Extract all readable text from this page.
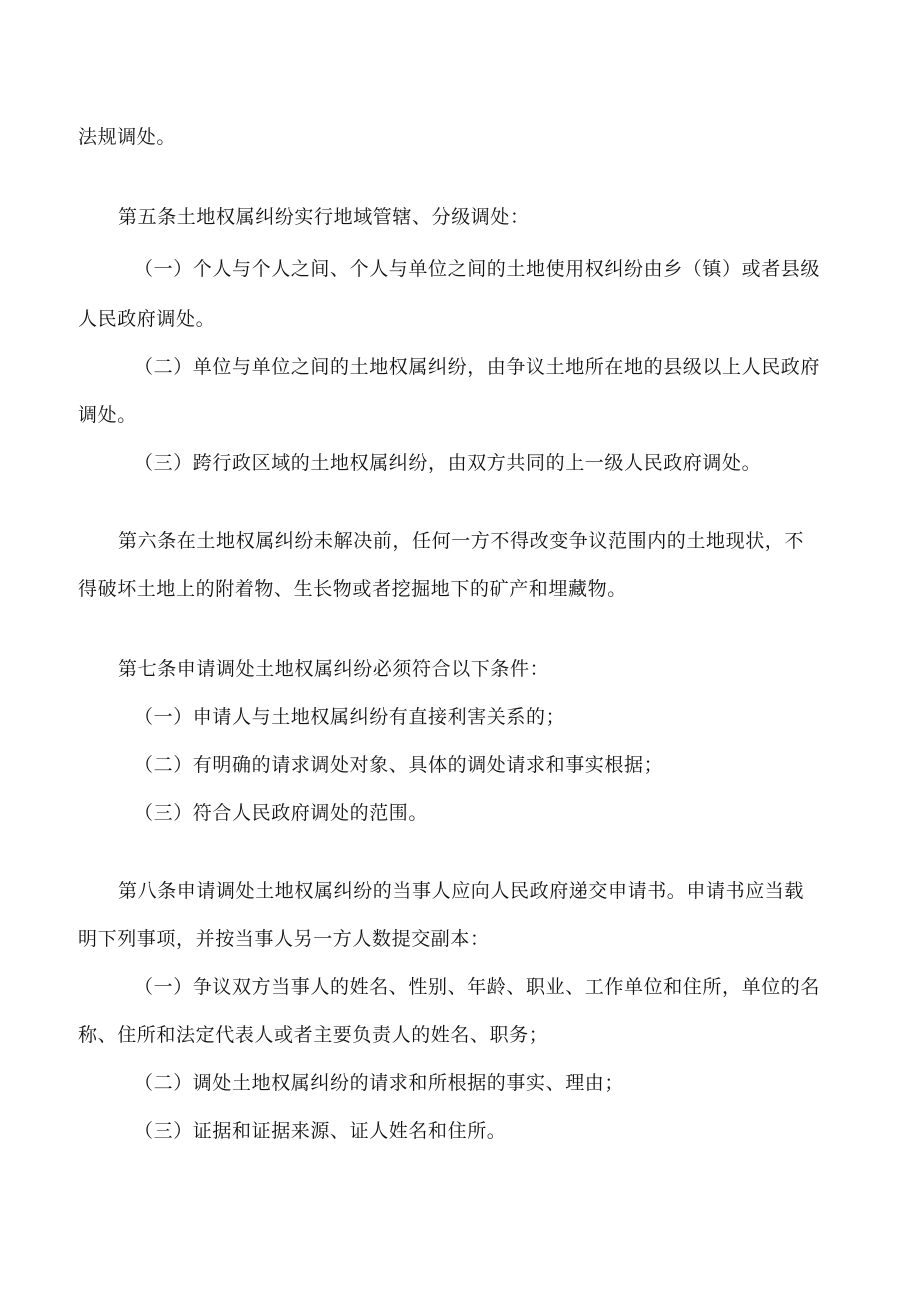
法规调处。
第五条土地权属纠纷实行地域管辖、分级调处：
（一）个人与个人之间、个人与单位之间的土地使用权纠纷由乡（镇）或者县级
人民政府调处。
（二）单位与单位之间的土地权属纠纷，由争议土地所在地的县级以上人民政府
调处。
（三）跨行政区域的土地权属纠纷，由双方共同的上一级人民政府调处。
第六条在土地权属纠纷未解决前，任何一方不得改变争议范围内的土地现状，不
得破坏土地上的附着物、生长物或者挖掘地下的矿产和埋藏物。
第七条申请调处土地权属纠纷必须符合以下条件：
（一）申请人与土地权属纠纷有直接利害关系的；
（二）有明确的请求调处对象、具体的调处请求和事实根据；
（三）符合人民政府调处的范围。
第八条申请调处土地权属纠纷的当事人应向人民政府递交申请书。申请书应当载
明下列事项，并按当事人另一方人数提交副本：
（一）争议双方当事人的姓名、性别、年龄、职业、工作单位和住所，单位的名
称、住所和法定代表人或者主要负责人的姓名、职务；
（二）调处土地权属纠纷的请求和所根据的事实、理由；
（三）证据和证据来源、证人姓名和住所。
